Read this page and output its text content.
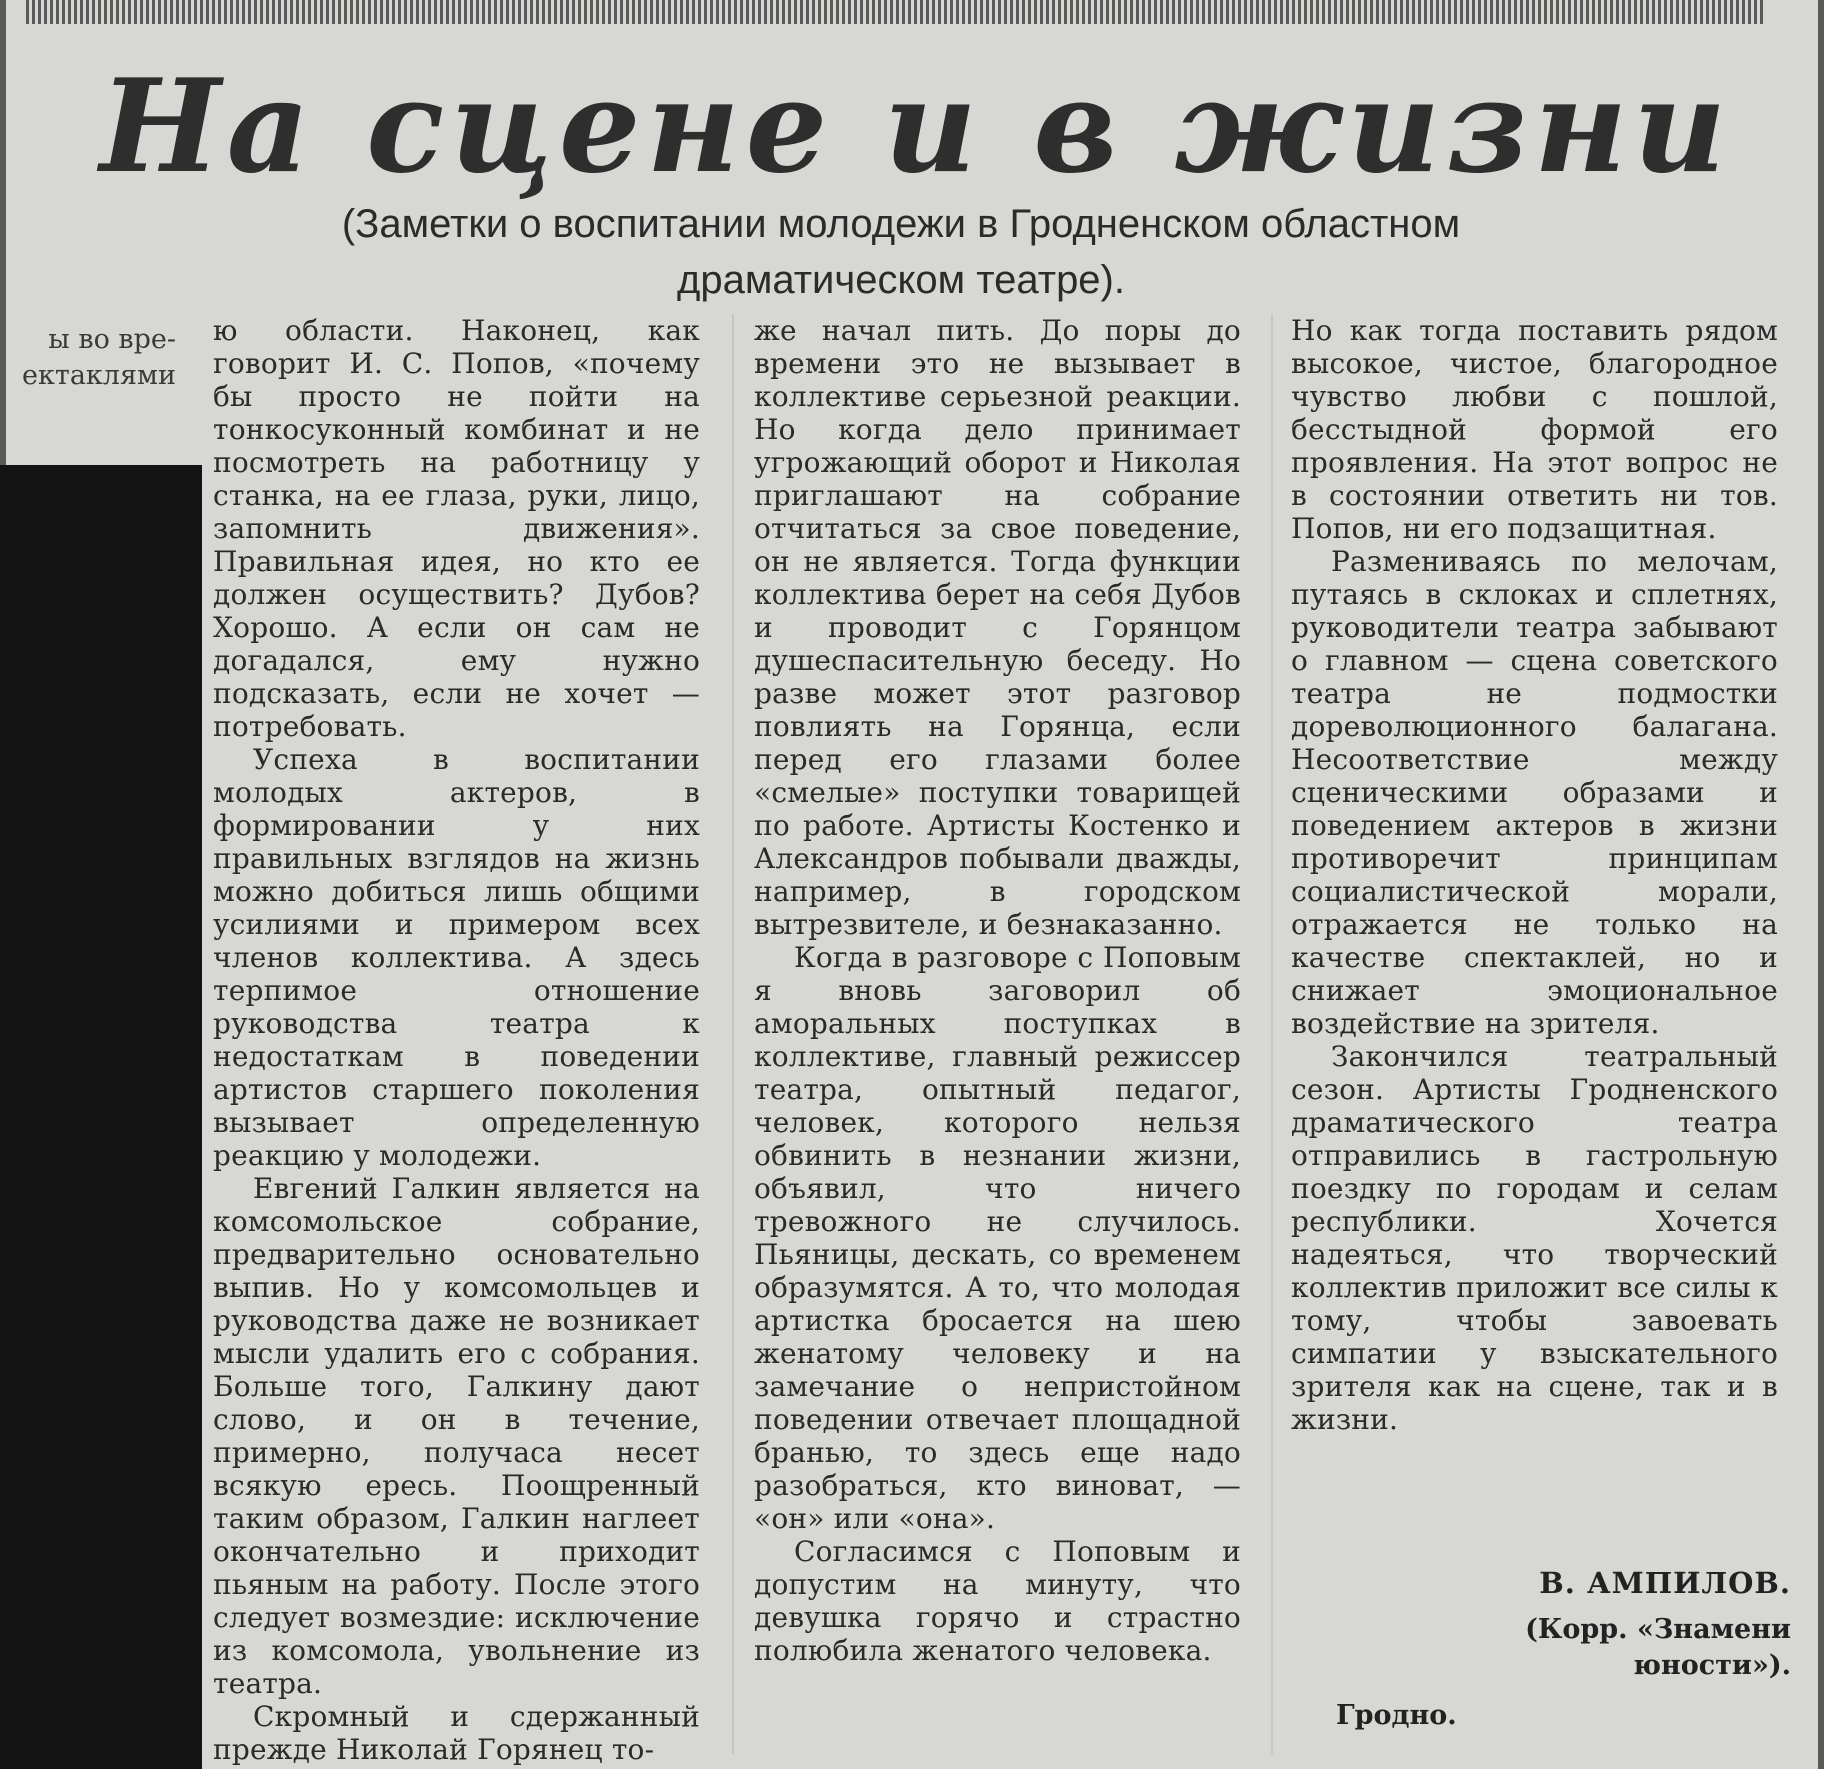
На сцене и в жизни
(Заметки о воспитании молодежи в Гродненском областном
драматическом театре).
ы во вре-
ектаклями

ю области. Наконец, как говорит И. С. Попов, «почему бы просто не пойти на тонкосуконный комбинат и не посмотреть на работницу у станка, на ее глаза, руки, лицо, запомнить движения». Правильная идея, но кто ее должен осуществить? Дубов? Хорошо. А если он сам не догадался, ему нужно подсказать, если не хочет — потребовать.

Успеха в воспитании молодых актеров, в формировании у них правильных взглядов на жизнь можно добиться лишь общими усилиями и примером всех членов коллектива. А здесь терпимое отношение руководства театра к недостаткам в поведении артистов старшего поколения вызывает определенную реакцию у молодежи.

Евгений Галкин является на комсомольское собрание, предварительно основательно выпив. Но у комсомольцев и руководства даже не возникает мысли удалить его с собрания. Больше того, Галкину дают слово, и он в течение, примерно, получаса несет всякую ересь. Поощренный таким образом, Галкин наглеет окончательно и приходит пьяным на работу. После этого следует возмездие: исключение из комсомола, увольнение из театра.

Скромный и сдержанный прежде Николай Горянец то-

же начал пить. До поры до времени это не вызывает в коллективе серьезной реакции. Но когда дело принимает угрожающий оборот и Николая приглашают на собрание отчитаться за свое поведение, он не является. Тогда функции коллектива берет на себя Дубов и проводит с Горянцом душеспасительную беседу. Но разве может этот разговор повлиять на Горянца, если перед его глазами более «смелые» поступки товарищей по работе. Артисты Костенко и Александров побывали дважды, например, в городском вытрезвителе, и безнаказанно.

Когда в разговоре с Поповым я вновь заговорил об аморальных поступках в коллективе, главный режиссер театра, опытный педагог, человек, которого нельзя обвинить в незнании жизни, объявил, что ничего тревожного не случилось. Пьяницы, дескать, со временем образумятся. А то, что молодая артистка бросается на шею женатому человеку и на замечание о непристойном поведении отвечает площадной бранью, то здесь еще надо разобраться, кто виноват, — «он» или «она».

Согласимся с Поповым и допустим на минуту, что девушка горячо и страстно полюбила женатого человека.

Но как тогда поставить рядом высокое, чистое, благородное чувство любви с пошлой, бесстыдной формой его проявления. На этот вопрос не в состоянии ответить ни тов. Попов, ни его подзащитная.

Размениваясь по мелочам, путаясь в склоках и сплетнях, руководители театра забывают о главном — сцена советского театра не подмостки дореволюционного балагана. Несоответствие между сценическими образами и поведением актеров в жизни противоречит принципам социалистической морали, отражается не только на качестве спектаклей, но и снижает эмоциональное воздействие на зрителя.

Закончился театральный сезон. Артисты Гродненского драматического театра отправились в гастрольную поездку по городам и селам республики. Хочется надеяться, что творческий коллектив приложит все силы к тому, чтобы завоевать симпатии у взыскательного зрителя как на сцене, так и в жизни.

В. АМПИЛОВ.
(Корр. «Знамени
юности»).
Гродно.
